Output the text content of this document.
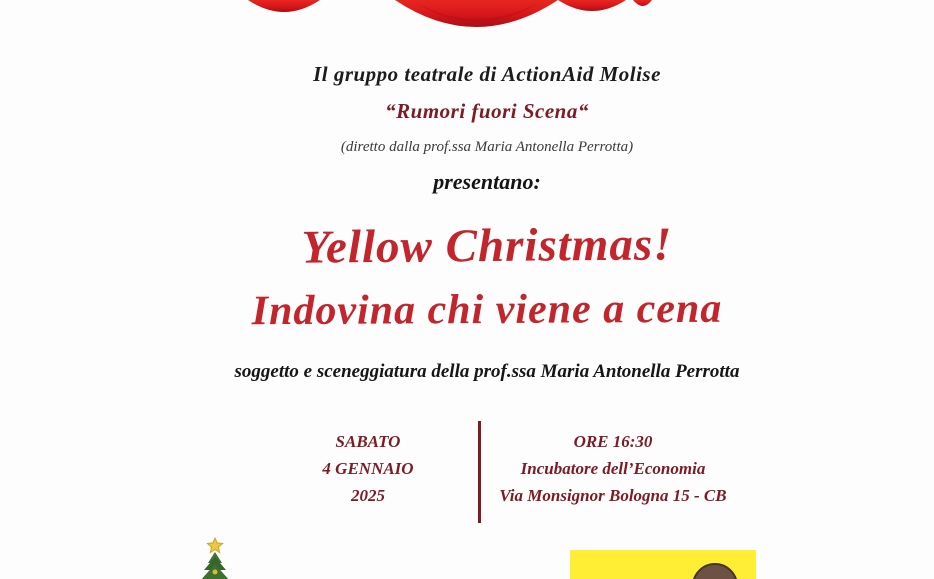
Il gruppo teatrale di ActionAid Molise
“Rumori fuori Scena“
(diretto dalla prof.ssa Maria Antonella Perrotta)
presentano:
Yellow Christmas!
Indovina chi viene a cena
soggetto e sceneggiatura della prof.ssa Maria Antonella Perrotta
SABATO
4 GENNAIO
2025
ORE 16:30
Incubatore dell’Economia
Via Monsignor Bologna 15 - CB
